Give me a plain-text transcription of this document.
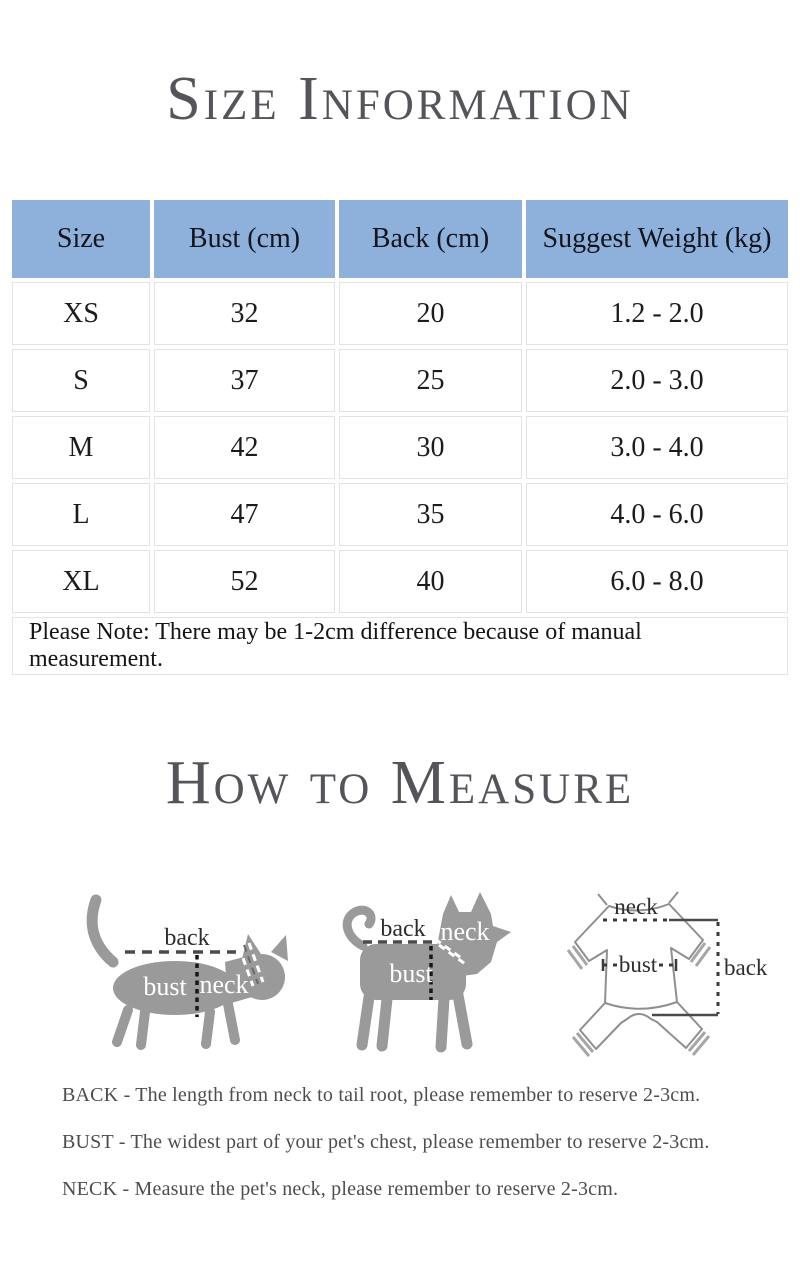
Size Information
Size	Bust (cm)	Back (cm)	Suggest Weight (kg)
XS	32	20	1.2 - 2.0
S	37	25	2.0 - 3.0
M	42	30	3.0 - 4.0
L	47	35	4.0 - 6.0
XL	52	40	6.0 - 8.0
Please Note: There may be 1-2cm difference because of manual measurement.			
How to Measure
back
bust neck
back
bust
neck
neck
bust	back

BACK - The length from neck to tail root, please remember to reserve 2-3cm.

BUST - The widest part of your pet's chest, please remember to reserve 2-3cm.

NECK - Measure the pet's neck, please remember to reserve 2-3cm.
